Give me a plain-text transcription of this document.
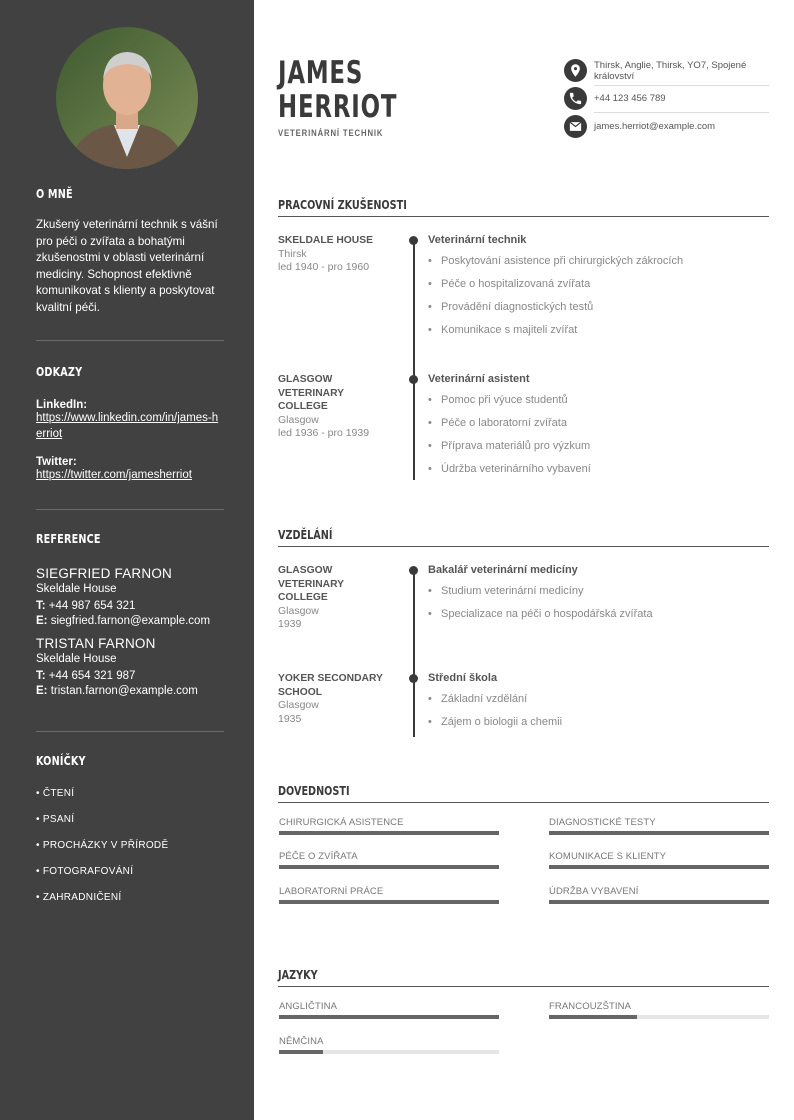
O MNĚ
Zkušený veterinární technik s vášní pro péči o zvířata a bohatými zkušenostmi v oblasti veterinární mediciny. Schopnost efektivně komunikovat s klienty a poskytovat kvalitní péči.
ODKAZY
LinkedIn:
https://www.linkedin.com/in/james-herriot
Twitter:
https://twitter.com/jamesherriot
REFERENCE
SIEGFRIED FARNON
Skeldale House
T: +44 987 654 321
E: siegfried.farnon@example.com
TRISTAN FARNON
Skeldale House
T: +44 654 321 987
E: tristan.farnon@example.com
KONÍČKY
• ČTENÍ
• PSANÍ
• PROCHÁZKY V PŘÍRODĚ
• FOTOGRAFOVÁNÍ
• ZAHRADNIČENÍ
JAMES
HERRIOT
VETERINÁRNÍ TECHNIK
Thirsk, Anglie, Thirsk, YO7, Spojené království
+44 123 456 789
james.herriot@example.com
PRACOVNÍ ZKUŠENOSTI
SKELDALE HOUSE
Thirsk
led 1940 - pro 1960
Veterinární technik
• Poskytování asistence při chirurgických zákrocích
• Péče o hospitalizovaná zvířata
• Provádění diagnostických testů
• Komunikace s majiteli zvířat
GLASGOW VETERINARY COLLEGE
Glasgow
led 1936 - pro 1939
Veterinární asistent
• Pomoc při výuce studentů
• Péče o laboratorní zvířata
• Příprava materiálů pro výzkum
• Údržba veterinárního vybavení
VZDĚLÁNÍ
GLASGOW VETERINARY COLLEGE
Glasgow
1939
Bakalář veterinární medicíny
• Studium veterinární medicíny
• Specializace na péči o hospodářská zvířata
YOKER SECONDARY SCHOOL
Glasgow
1935
Střední škola
• Základní vzdělání
• Zájem o biologii a chemii
DOVEDNOSTI
CHIRURGICKÁ ASISTENCE	DIAGNOSTICKÉ TESTY
PÉČE O ZVÍŘATA	KOMUNIKACE S KLIENTY
LABORATORNÍ PRÁCE	ÚDRŽBA VYBAVENÍ
JAZYKY
ANGLIČTINA	FRANCOUZŠTINA
NĚMČINA
